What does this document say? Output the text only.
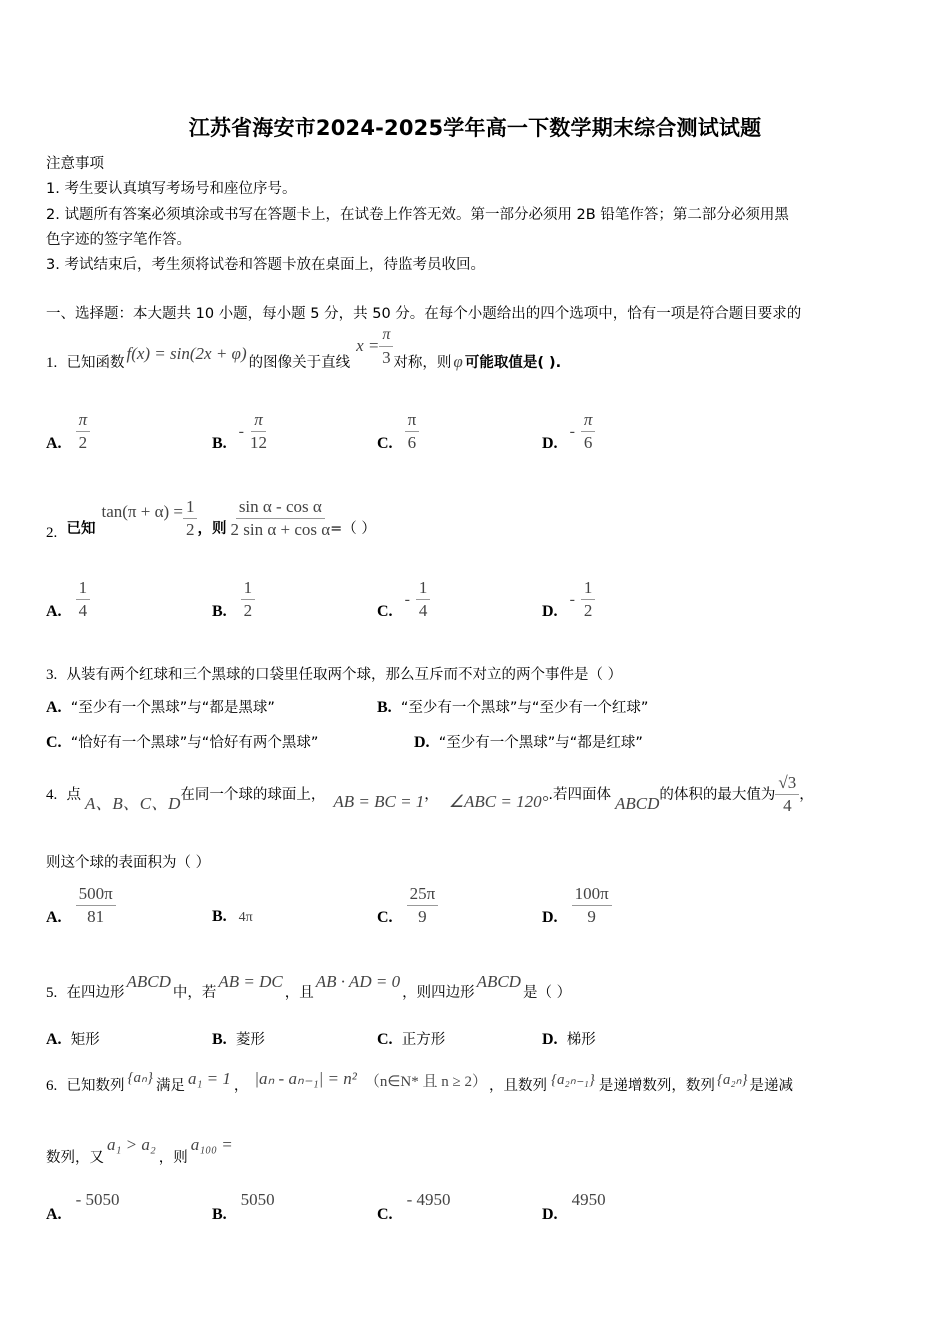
江苏省海安市2024-2025学年高一下数学期末综合测试试题
注意事项
1. 考生要认真填写考场号和座位序号。
2. 试题所有答案必须填涂或书写在答题卡上，在试卷上作答无效。第一部分必须用 2B 铅笔作答；第二部分必须用黑
色字迹的签字笔作答。
3. 考试结束后，考生须将试卷和答题卡放在桌面上，待监考员收回。
一、选择题：本大题共 10 小题，每小题 5 分，共 50 分。在每个小题给出的四个选项中，恰有一项是符合题目要求的
1.
已知函数 f(x) = sin(2x + φ) 的图像关于直线
$x = \frac{\pi}{3}$ 对称，则 φ 可能取值是( ).
A. $\frac{\pi}{2}$	B.
- $\frac{\pi}{12}$	C. $\frac{\pi}{6}$	D.
- $\frac{\pi}{6}$
2.
已知
$\tan(\pi + \alpha) = \frac{1}{2}$ ，则 $\frac{\text{sin α - cos α}}{\text{2 sin α + cos α}}$ =（ ）
A. $\frac{1}{4}$	B. $\frac{1}{2}$	C.
- $\frac{1}{4}$	D.
- $\frac{1}{2}$
3. 从装有两个红球和三个黑球的口袋里任取两个球，那么互斥而不对立的两个事件是（ ）
A. “至少有一个黑球”与“都是黑球”	B. “至少有一个黑球”与“至少有一个红球”
C. “恰好有一个黑球”与“恰好有两个黑球”	D. “至少有一个黑球”与“都是红球”
4.
点 A、B、C、D 在同一个球的球面上， AB = BC = 1 ， ∠ABC = 120° .若四面体 ABCD 的体积的最大值为 $\frac{√3}{4}$ ，
则这个球的表面积为（ ）
A. $\frac{500\pi}{81}$	B. 4π	C. $\frac{25\pi}{9}$	D. $\frac{100\pi}{9}$
5.
在四边形
ABCD
中，若
AB = DC
，且
AB · AD = 0
，则四边形
ABCD
是（ ）
A. 矩形	B. 菱形	C. 正方形	D. 梯形
6.
已知数列 {aₙ} 满足 a₁ = 1 ， |aₙ - aₙ₋₁| = n² （n∈N* 且 n ≥ 2） ，且数列 {a₂ₙ₋₁} 是递增数列，数列 {a₂ₙ} 是递减
数列，又
a₁ > a₂
，则
a₁₀₀ =
A.
- 5050
B.
5050
C.
- 4950
D.
4950
